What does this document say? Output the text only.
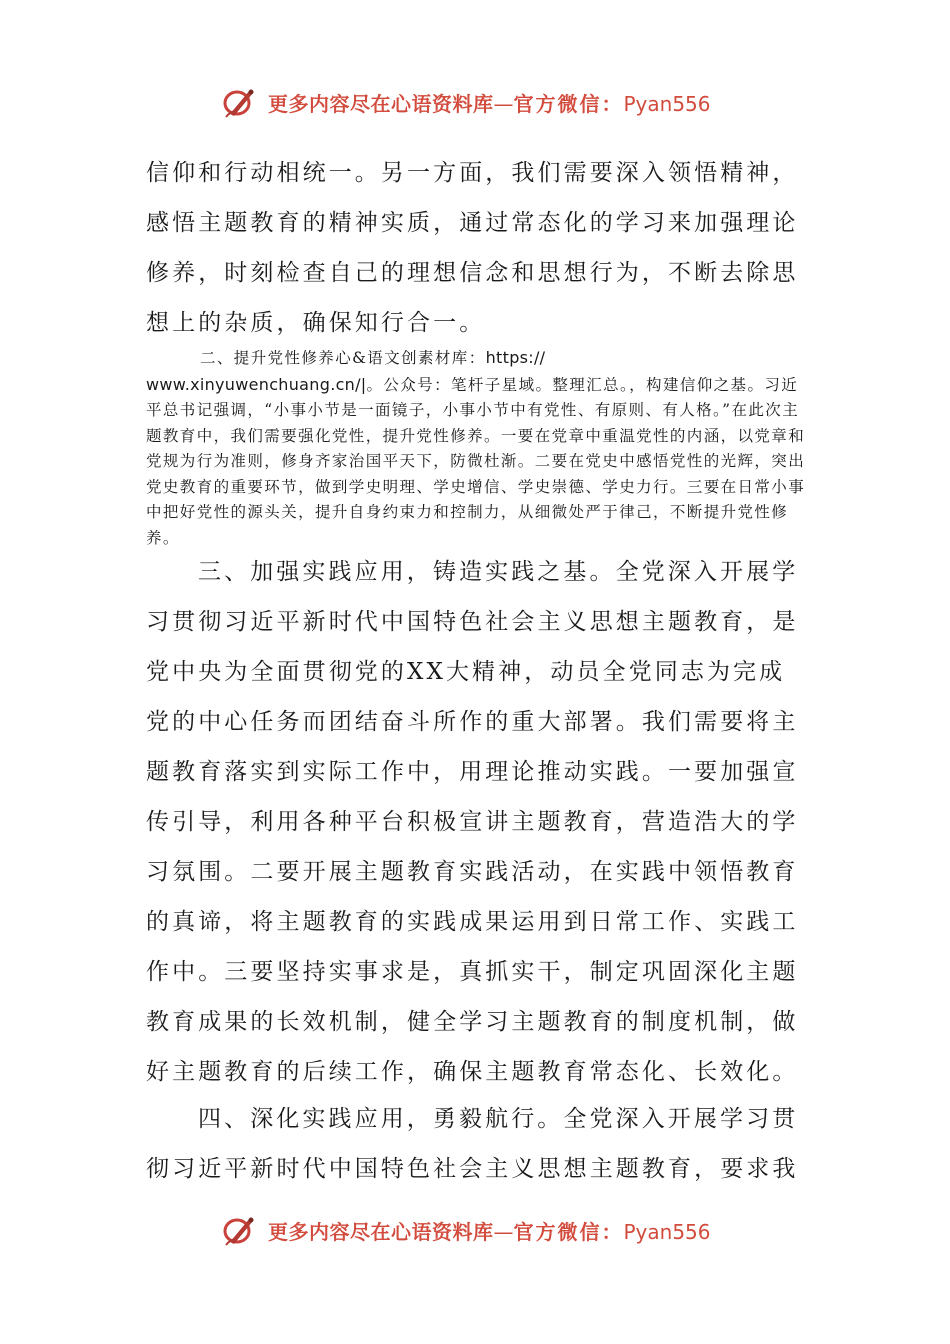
更多内容尽在心语资料库—官方微信：Pyan556
信仰和行动相统一。另一方面，我们需要深入领悟精神，
感悟主题教育的精神实质，通过常态化的学习来加强理论
修养，时刻检查自己的理想信念和思想行为，不断去除思
想上的杂质，确保知行合一。

二、提升党性修养心&语文创素材库：https://
www.xinyuwenchuang.cn/|。公众号：笔杆子星域。整理汇总。，构建信仰之基。习近平总书记强调，“小事小节是一面镜子，小事小节中有党性、有原则、有人格。”在此次主题教育中，我们需要强化党性，提升党性修养。一要在党章中重温党性的内涵，以党章和党规为行为准则，修身齐家治国平天下，防微杜渐。二要在党史中感悟党性的光辉，突出党史教育的重要环节，做到学史明理、学史增信、学史崇德、学史力行。三要在日常小事中把好党性的源头关，提升自身约束力和控制力，从细微处严于律己，不断提升党性修养。

三、加强实践应用，铸造实践之基。全党深入开展学习贯彻习近平新时代中国特色社会主义思想主题教育，是党中央为全面贯彻党的XX大精神，动员全党同志为完成党的中心任务而团结奋斗所作的重大部署。我们需要将主题教育落实到实际工作中，用理论推动实践。一要加强宣传引导，利用各种平台积极宣讲主题教育，营造浩大的学习氛围。二要开展主题教育实践活动，在实践中领悟教育的真谛，将主题教育的实践成果运用到日常工作、实践工作中。三要坚持实事求是，真抓实干，制定巩固深化主题教育成果的长效机制，健全学习主题教育的制度机制，做好主题教育的后续工作，确保主题教育常态化、长效化。

四、深化实践应用，勇毅航行。全党深入开展学习贯彻习近平新时代中国特色社会主义思想主题教育，要求我

更多内容尽在心语资料库—官方微信：Pyan556
